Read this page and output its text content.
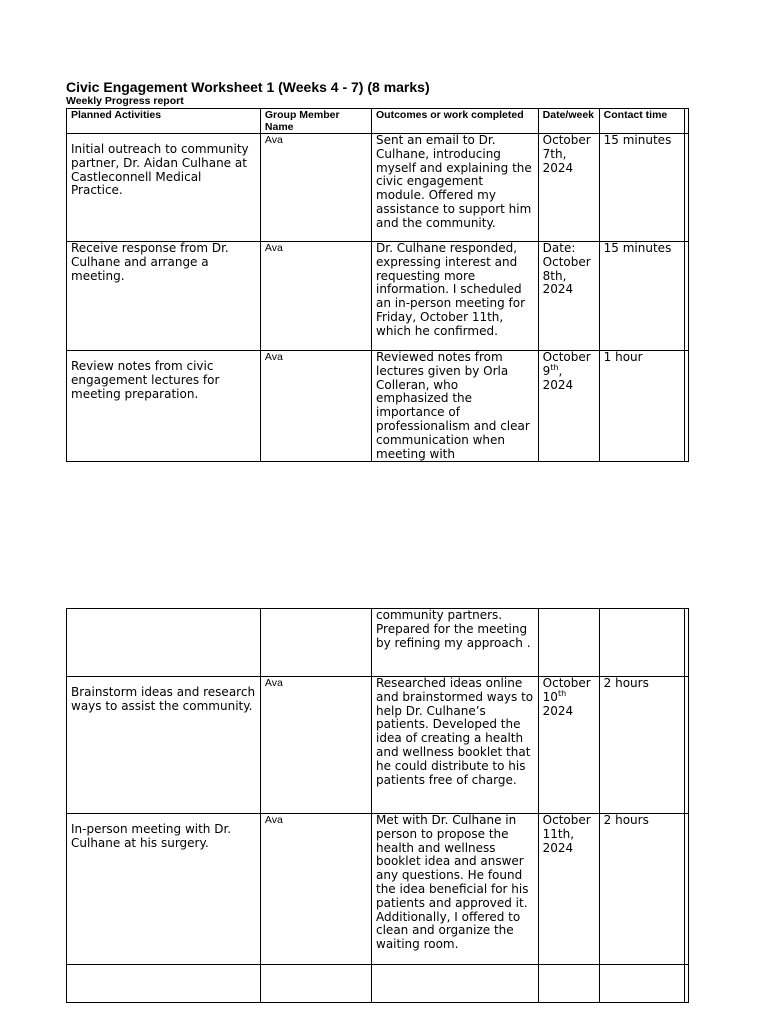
Civic Engagement Worksheet 1 (Weeks 4 - 7) (8 marks)
Weekly Progress report
Planned Activities	Group Member Name	Outcomes or work completed	Date/week	Contact time	
Initial outreach to community partner, Dr. Aidan Culhane at Castleconnell Medical Practice.	Ava	Sent an email to Dr. Culhane, introducing myself and explaining the civic engagement module. Offered my assistance to support him and the community.	October 7th, 2024	15 minutes	
Receive response from Dr. Culhane and arrange a meeting.	Ava	Dr. Culhane responded, expressing interest and requesting more information. I scheduled an in-person meeting for Friday, October 11th, which he confirmed.	Date: October 8th, 2024	15 minutes	
Review notes from civic engagement lectures for meeting preparation.	Ava	Reviewed notes from lectures given by Orla Colleran, who emphasized the importance of professionalism and clear communication when meeting with	October 9th, 2024	1 hour	
		community partners. Prepared for the meeting by refining my approach .			
Brainstorm ideas and research ways to assist the community.	Ava	Researched ideas online and brainstormed ways to help Dr. Culhane’s patients. Developed the idea of creating a health and wellness booklet that he could distribute to his patients free of charge.	October 10th 2024	2 hours	
In-person meeting with Dr. Culhane at his surgery.	Ava	Met with Dr. Culhane in person to propose the health and wellness booklet idea and answer any questions. He found the idea beneficial for his patients and approved it. Additionally, I offered to clean and organize the waiting room.	October 11th, 2024	2 hours	
